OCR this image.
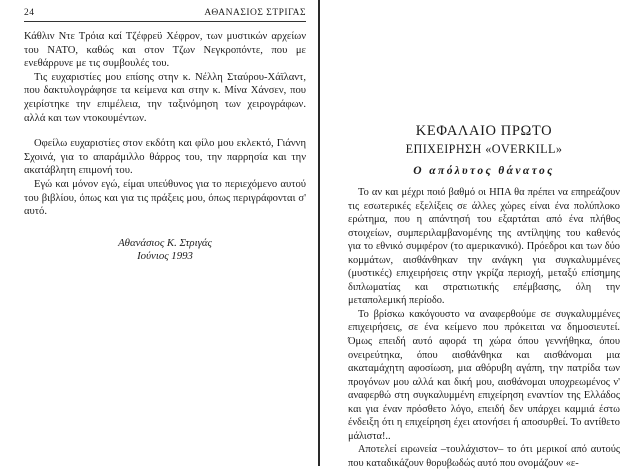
24	ΑΘΑΝΑΣΙΟΣ ΣΤΡΙΓΑΣ

Κάθλιν Ντε Τρόια καί Τζέφρεϋ Χέφρον, των μυστικών αρχείων του ΝΑΤΟ, καθώς και στον Τζων Νεγκροπόντε, που με ενεθάρρυνε με τις συμβουλές του.

Τις ευχαριστίες μου επίσης στην κ. Νέλλη Σταύρου-Χάϊλαντ, που δακτυλογράφησε τα κείμενα και στην κ. Μίνα Χάνσεν, που χειρίστηκε την επιμέλεια, την ταξινόμηση των χειρογράφων. αλλά και των ντοκουμέντων.

Οφείλω ευχαριστίες στον εκδότη και φίλο μου εκλεκτό, Γιάννη Σχοινά, για το απαράμιλλο θάρρος του, την παρρησία και την ακατάβλητη επιμονή του.

Εγώ και μόνον εγώ, είμαι υπεύθυνος για το περιεχόμενο αυτού του βιβλίου, όπως και για τις πράξεις μου, όπως περιγράφονται σ' αυτό.

Αθανάσιος Κ. Στριγάς
Ιούνιος 1993

ΚΕΦΑΛΑΙΟ ΠΡΩΤΟ

ΕΠΙΧΕΙΡΗΣΗ «OVERKILL»

Ο απόλυτος θάνατος

Το αν και μέχρι ποιό βαθμό οι ΗΠΑ θα πρέπει να επηρεάζουν τις εσωτερικές εξελίξεις σε άλλες χώρες είναι ένα πολύπλοκο ερώτημα, που η απάντησή του εξαρτάται από ένα πλήθος στοιχείων, συμπεριλαμβανομένης της αντίληψης του καθενός για το εθνικό συμφέρον (το αμερικανικό). Πρόεδροι και των δύο κομμάτων, αισθάνθηκαν την ανάγκη για συγκαλυμμένες (μυστικές) επιχειρήσεις στην γκρίζα περιοχή, μεταξύ επίσημης διπλωματίας και στρατιωτικής επέμβασης, όλη την μεταπολεμική περίοδο.

Το βρίσκω κακόγουστο να αναφερθούμε σε συγκαλυμμένες επιχειρήσεις, σε ένα κείμενο που πρόκειται να δημοσιευτεί. Όμως επειδή αυτό αφορά τη χώρα όπου γεννήθηκα, όπου ονειρεύτηκα, όπου αισθάνθηκα και αισθάνομαι μια ακαταμάχητη αφοσίωση, μια αθόρυβη αγάπη, την πατρίδα των προγόνων μου αλλά και δική μου, αισθάνομαι υποχρεωμένος ν' αναφερθώ στη συγκαλυμμένη επιχείρηση εναντίον της Ελλάδος και για έναν πρόσθετο λόγο, επειδή δεν υπάρχει καμμιά έστω ένδειξη ότι η επιχείρηση έχει ατονήσει ή αποσυρθεί. Το αντίθετο μάλιστα!..

Αποτελεί ειρωνεία –τουλάχιστον– το ότι μερικοί από αυτούς που καταδικάζουν θορυβωδώς αυτό που ονομάζουν «ε-
